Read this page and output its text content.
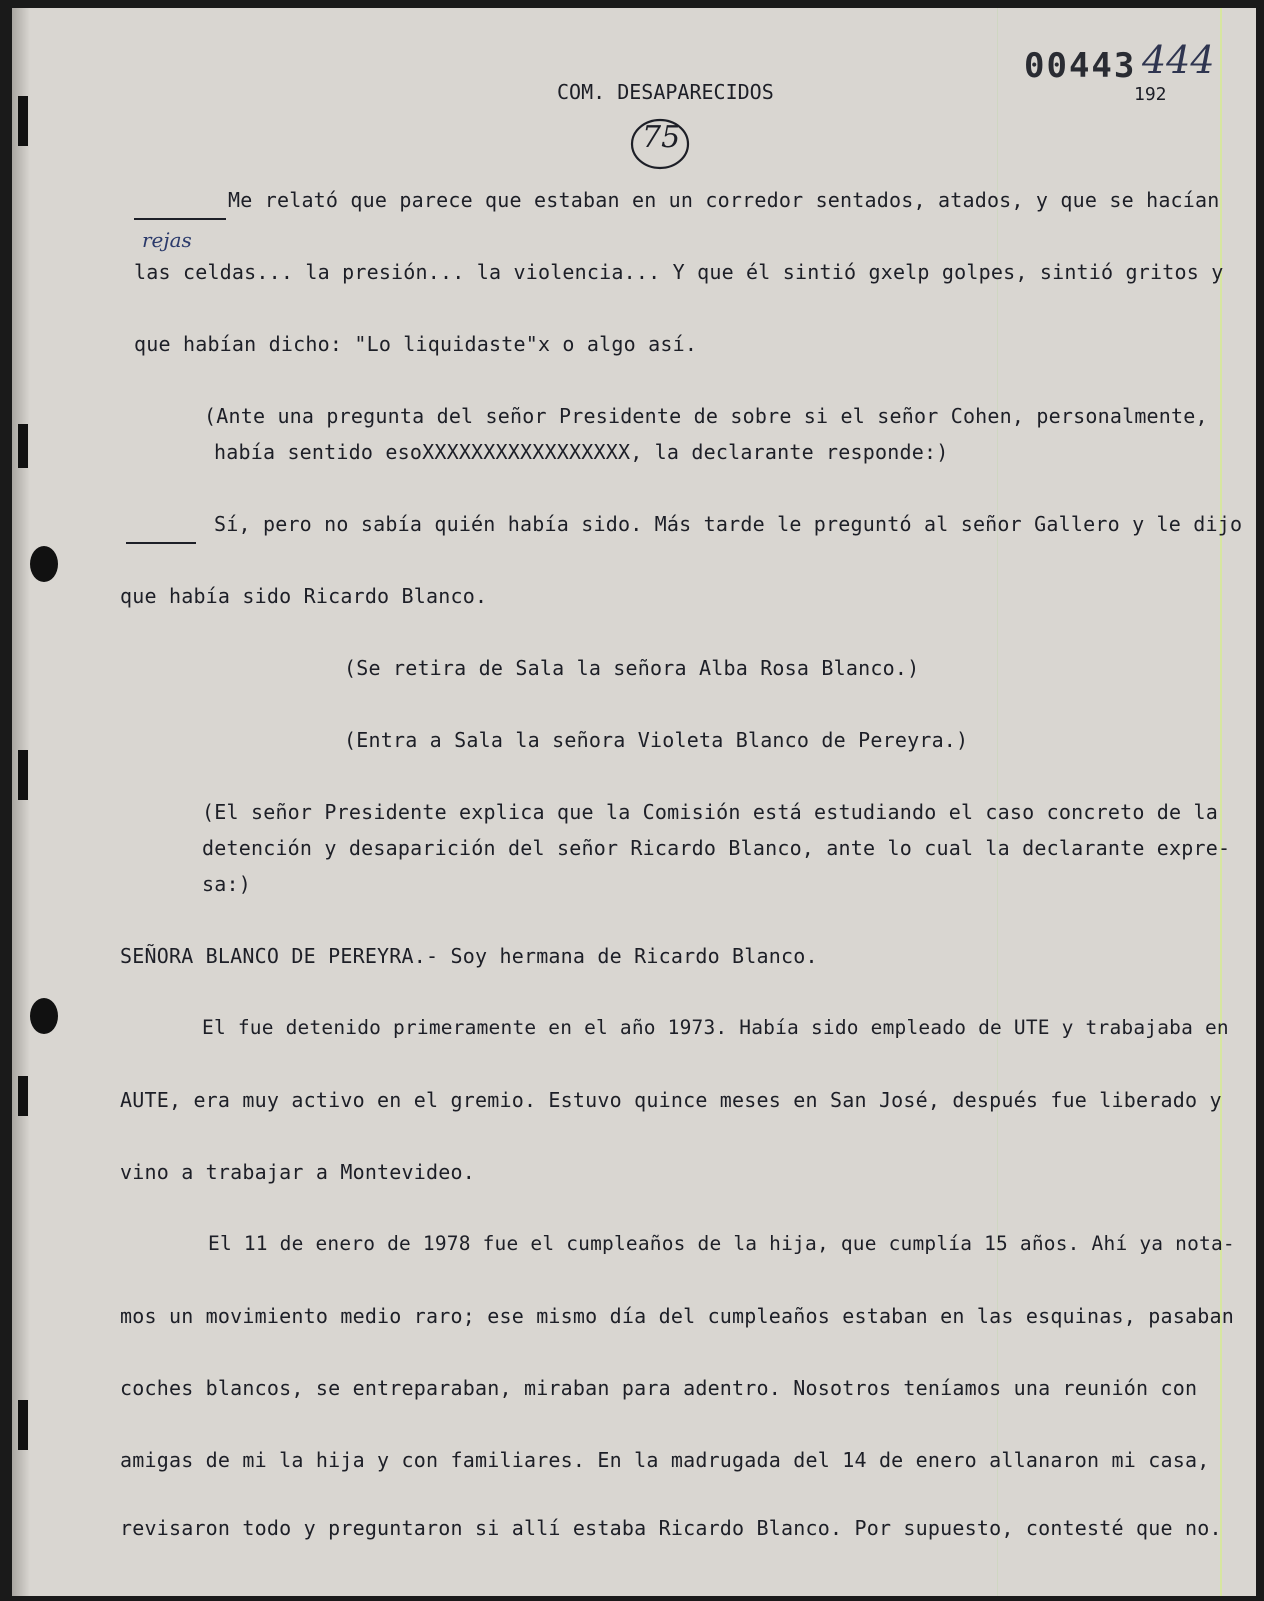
COM. DESAPARECIDOS
00443 444
192
75
rejas
Me relató que parece que estaban en un corredor sentados, atados, y que se hacían
las celdas... la presión... la violencia... Y que él sintió gxelp golpes, sintió gritos y
que habían dicho: "Lo liquidaste"x o algo así.
(Ante una pregunta del señor Presidente de sobre si el señor Cohen, personalmente,
había sentido esoXXXXXXXXXXXXXXXXX, la declarante responde:)
Sí, pero no sabía quién había sido. Más tarde le preguntó al señor Gallero y le dijo
que había sido Ricardo Blanco.
(Se retira de Sala la señora Alba Rosa Blanco.)
(Entra a Sala la señora Violeta Blanco de Pereyra.)
(El señor Presidente explica que la Comisión está estudiando el caso concreto de la
detención y desaparición del señor Ricardo Blanco, ante lo cual la declarante expre-
sa:)
SEÑORA BLANCO DE PEREYRA.- Soy hermana de Ricardo Blanco.
El fue detenido primeramente en el año 1973. Había sido empleado de UTE y trabajaba en
AUTE, era muy activo en el gremio. Estuvo quince meses en San José, después fue liberado y
vino a trabajar a Montevideo.
El 11 de enero de 1978 fue el cumpleaños de la hija, que cumplía 15 años. Ahí ya nota-
mos un movimiento medio raro; ese mismo día del cumpleaños estaban en las esquinas, pasaban
coches blancos, se entreparaban, miraban para adentro. Nosotros teníamos una reunión con
amigas de mi la hija y con familiares. En la madrugada del 14 de enero allanaron mi casa,
revisaron todo y preguntaron si allí estaba Ricardo Blanco. Por supuesto, contesté que no.
